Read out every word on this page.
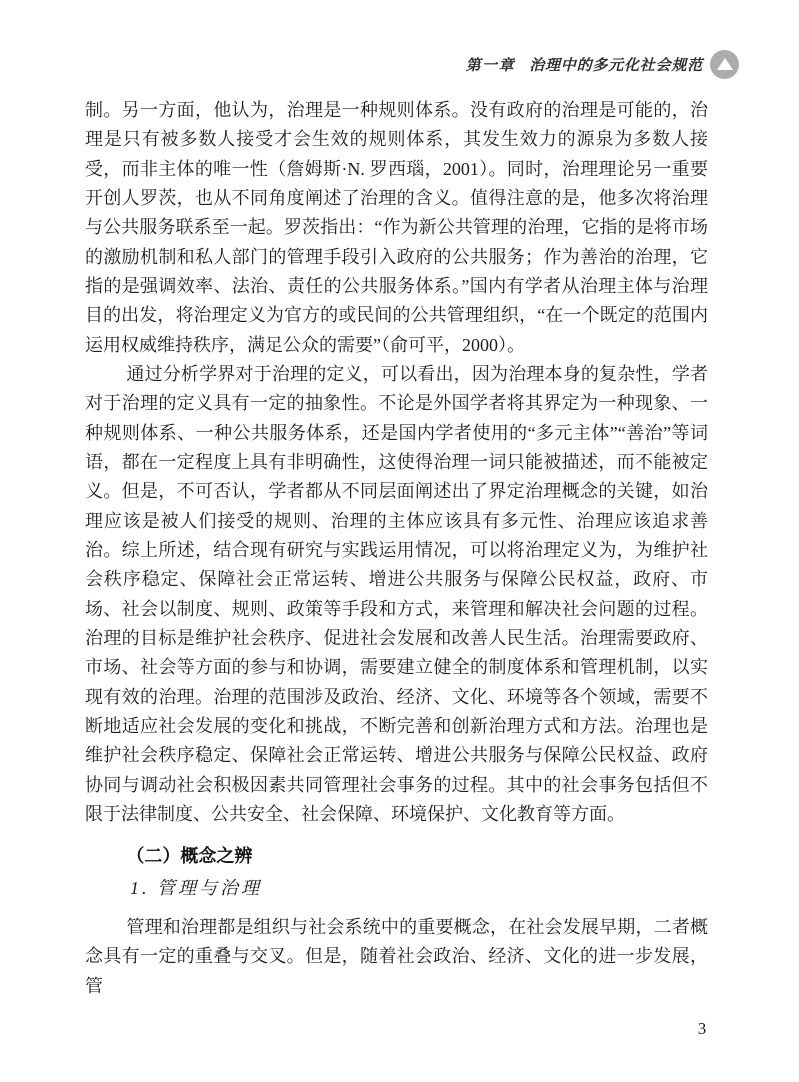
第一章 治理中的多元化社会规范

制。另一方面，他认为，治理是一种规则体系。没有政府的治理是可能的，治理是只有被多数人接受才会生效的规则体系，其发生效力的源泉为多数人接受，而非主体的唯一性（詹姆斯·N. 罗西瑙，2001）。同时，治理理论另一重要开创人罗茨，也从不同角度阐述了治理的含义。值得注意的是，他多次将治理与公共服务联系至一起。罗茨指出：“作为新公共管理的治理，它指的是将市场的激励机制和私人部门的管理手段引入政府的公共服务；作为善治的治理，它指的是强调效率、法治、责任的公共服务体系。”国内有学者从治理主体与治理目的出发，将治理定义为官方的或民间的公共管理组织，“在一个既定的范围内运用权威维持秩序，满足公众的需要”（俞可平，2000）。

通过分析学界对于治理的定义，可以看出，因为治理本身的复杂性，学者对于治理的定义具有一定的抽象性。不论是外国学者将其界定为一种现象、一种规则体系、一种公共服务体系，还是国内学者使用的“多元主体”“善治”等词语，都在一定程度上具有非明确性，这使得治理一词只能被描述，而不能被定义。但是，不可否认，学者都从不同层面阐述出了界定治理概念的关键，如治理应该是被人们接受的规则、治理的主体应该具有多元性、治理应该追求善治。综上所述，结合现有研究与实践运用情况，可以将治理定义为，为维护社会秩序稳定、保障社会正常运转、增进公共服务与保障公民权益，政府、市场、社会以制度、规则、政策等手段和方式，来管理和解决社会问题的过程。治理的目标是维护社会秩序、促进社会发展和改善人民生活。治理需要政府、市场、社会等方面的参与和协调，需要建立健全的制度体系和管理机制，以实现有效的治理。治理的范围涉及政治、经济、文化、环境等各个领域，需要不断地适应社会发展的变化和挑战，不断完善和创新治理方式和方法。治理也是维护社会秩序稳定、保障社会正常运转、增进公共服务与保障公民权益、政府协同与调动社会积极因素共同管理社会事务的过程。其中的社会事务包括但不限于法律制度、公共安全、社会保障、环境保护、文化教育等方面。

（二）概念之辨
1. 管理与治理

管理和治理都是组织与社会系统中的重要概念，在社会发展早期，二者概念具有一定的重叠与交叉。但是，随着社会政治、经济、文化的进一步发展，管

3
